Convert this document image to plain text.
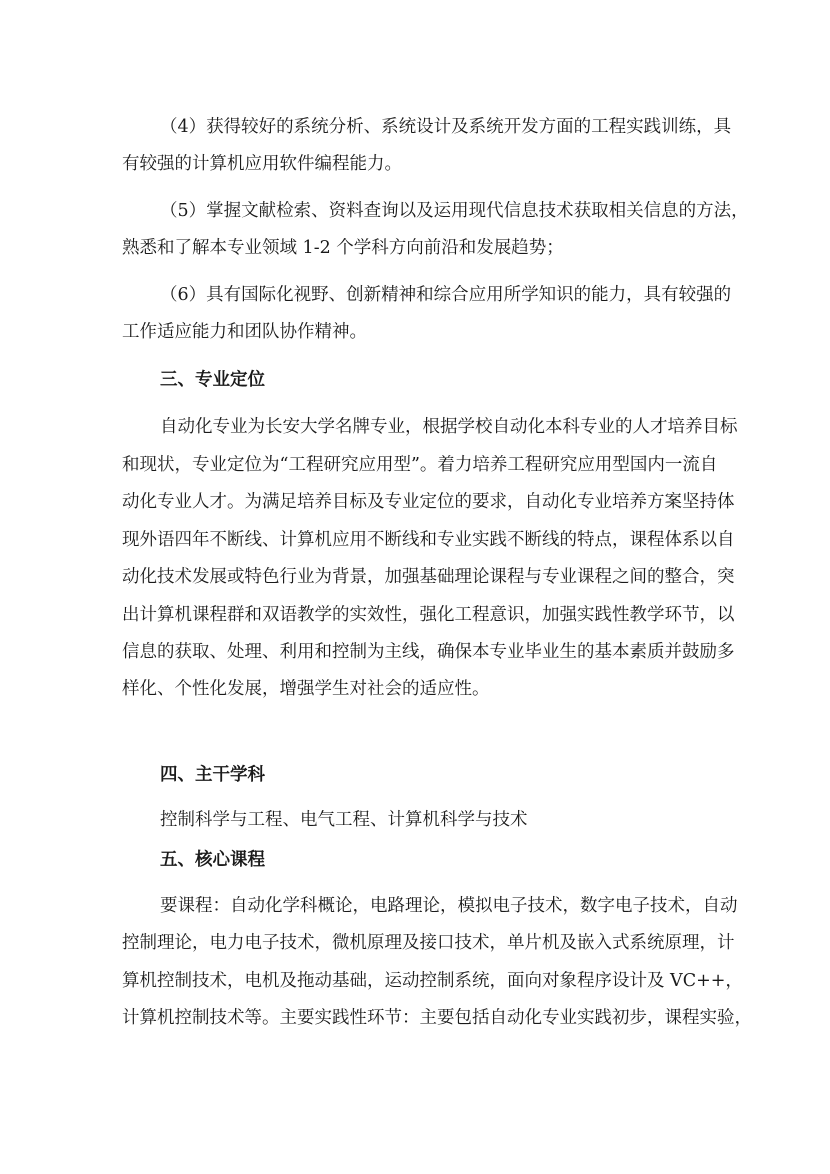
（4）获得较好的系统分析、系统设计及系统开发方面的工程实践训练，具
有较强的计算机应用软件编程能力。
（5）掌握文献检索、资料查询以及运用现代信息技术获取相关信息的方法，
熟悉和了解本专业领域 1-2 个学科方向前沿和发展趋势；
（6）具有国际化视野、创新精神和综合应用所学知识的能力，具有较强的
工作适应能力和团队协作精神。
三、专业定位
自动化专业为长安大学名牌专业，根据学校自动化本科专业的人才培养目标
和现状，专业定位为“工程研究应用型”。着力培养工程研究应用型国内一流自
动化专业人才。为满足培养目标及专业定位的要求，自动化专业培养方案坚持体
现外语四年不断线、计算机应用不断线和专业实践不断线的特点，课程体系以自
动化技术发展或特色行业为背景，加强基础理论课程与专业课程之间的整合，突
出计算机课程群和双语教学的实效性，强化工程意识，加强实践性教学环节，以
信息的获取、处理、利用和控制为主线，确保本专业毕业生的基本素质并鼓励多
样化、个性化发展，增强学生对社会的适应性。
四、主干学科
控制科学与工程、电气工程、计算机科学与技术
五、核心课程
要课程：自动化学科概论，电路理论，模拟电子技术，数字电子技术，自动
控制理论，电力电子技术，微机原理及接口技术，单片机及嵌入式系统原理，计
算机控制技术，电机及拖动基础，运动控制系统，面向对象程序设计及 VC++，
计算机控制技术等。主要实践性环节：主要包括自动化专业实践初步，课程实验，
